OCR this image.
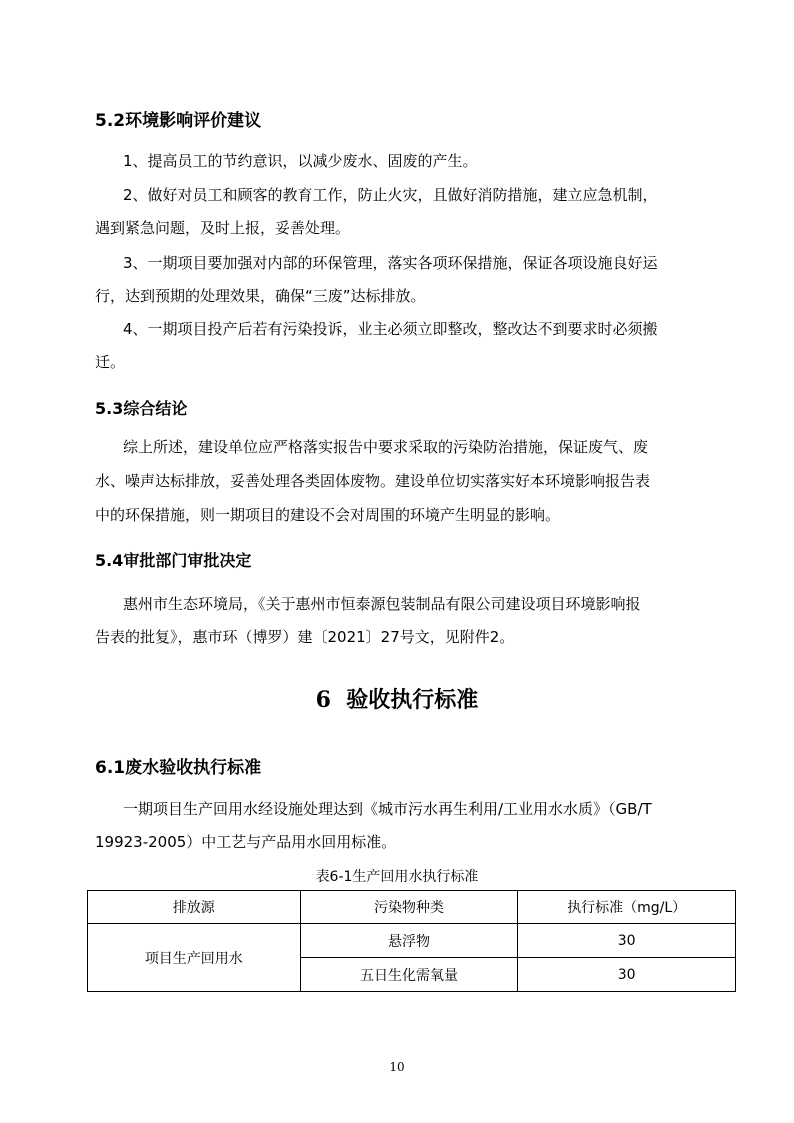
5.2环境影响评价建议
1、提高员工的节约意识，以减少废水、固废的产生。
2、做好对员工和顾客的教育工作，防止火灾，且做好消防措施，建立应急机制，
遇到紧急问题，及时上报，妥善处理。
3、一期项目要加强对内部的环保管理，落实各项环保措施，保证各项设施良好运
行，达到预期的处理效果，确保“三废”达标排放。
4、一期项目投产后若有污染投诉，业主必须立即整改，整改达不到要求时必须搬
迁。
5.3综合结论
综上所述，建设单位应严格落实报告中要求采取的污染防治措施，保证废气、废
水、噪声达标排放，妥善处理各类固体废物。建设单位切实落实好本环境影响报告表
中的环保措施，则一期项目的建设不会对周围的环境产生明显的影响。
5.4审批部门审批决定
惠州市生态环境局，《关于惠州市恒泰源包装制品有限公司建设项目环境影响报
告表的批复》，惠市环（博罗）建〔2021〕27号文，见附件2。
6  验收执行标准
6.1废水验收执行标准
一期项目生产回用水经设施处理达到《城市污水再生利用/工业用水水质》（GB/T
19923-2005）中工艺与产品用水回用标准。
表6-1生产回用水执行标准
排放源	污染物种类	执行标准（mg/L）
项目生产回用水	悬浮物	30
	五日生化需氧量	30
10
